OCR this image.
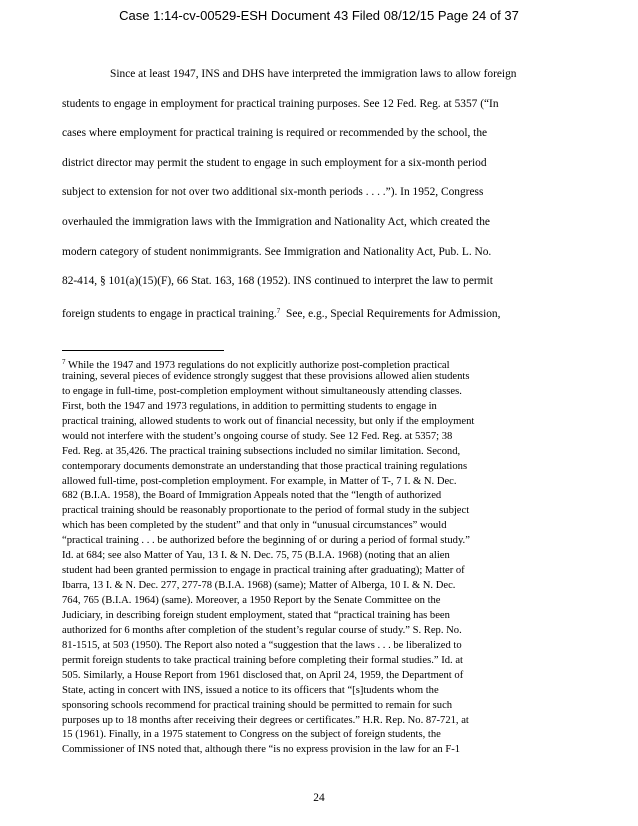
Case 1:14-cv-00529-ESH Document 43 Filed 08/12/15 Page 24 of 37
Since at least 1947, INS and DHS have interpreted the immigration laws to allow foreign
students to engage in employment for practical training purposes. See 12 Fed. Reg. at 5357 (“In
cases where employment for practical training is required or recommended by the school, the
district director may permit the student to engage in such employment for a six-month period
subject to extension for not over two additional six-month periods . . . .”). In 1952, Congress
overhauled the immigration laws with the Immigration and Nationality Act, which created the
modern category of student nonimmigrants. See Immigration and Nationality Act, Pub. L. No.
82-414, § 101(a)(15)(F), 66 Stat. 163, 168 (1952). INS continued to interpret the law to permit
foreign students to engage in practical training.$^7$ See, e.g., Special Requirements for Admission,
$^7$ While the 1947 and 1973 regulations do not explicitly authorize post-completion practical
training, several pieces of evidence strongly suggest that these provisions allowed alien students
to engage in full-time, post-completion employment without simultaneously attending classes.
First, both the 1947 and 1973 regulations, in addition to permitting students to engage in
practical training, allowed students to work out of financial necessity, but only if the employment
would not interfere with the student’s ongoing course of study. See 12 Fed. Reg. at 5357; 38
Fed. Reg. at 35,426. The practical training subsections included no similar limitation. Second,
contemporary documents demonstrate an understanding that those practical training regulations
allowed full-time, post-completion employment. For example, in Matter of T-, 7 I. & N. Dec.
682 (B.I.A. 1958), the Board of Immigration Appeals noted that the “length of authorized
practical training should be reasonably proportionate to the period of formal study in the subject
which has been completed by the student” and that only in “unusual circumstances” would
“practical training . . . be authorized before the beginning of or during a period of formal study.”
Id. at 684; see also Matter of Yau, 13 I. & N. Dec. 75, 75 (B.I.A. 1968) (noting that an alien
student had been granted permission to engage in practical training after graduating); Matter of
Ibarra, 13 I. & N. Dec. 277, 277-78 (B.I.A. 1968) (same); Matter of Alberga, 10 I. & N. Dec.
764, 765 (B.I.A. 1964) (same). Moreover, a 1950 Report by the Senate Committee on the
Judiciary, in describing foreign student employment, stated that “practical training has been
authorized for 6 months after completion of the student’s regular course of study.” S. Rep. No.
81-1515, at 503 (1950). The Report also noted a “suggestion that the laws . . . be liberalized to
permit foreign students to take practical training before completing their formal studies.” Id. at
505. Similarly, a House Report from 1961 disclosed that, on April 24, 1959, the Department of
State, acting in concert with INS, issued a notice to its officers that “[s]tudents whom the
sponsoring schools recommend for practical training should be permitted to remain for such
purposes up to 18 months after receiving their degrees or certificates.” H.R. Rep. No. 87-721, at
15 (1961). Finally, in a 1975 statement to Congress on the subject of foreign students, the
Commissioner of INS noted that, although there “is no express provision in the law for an F-1
24
